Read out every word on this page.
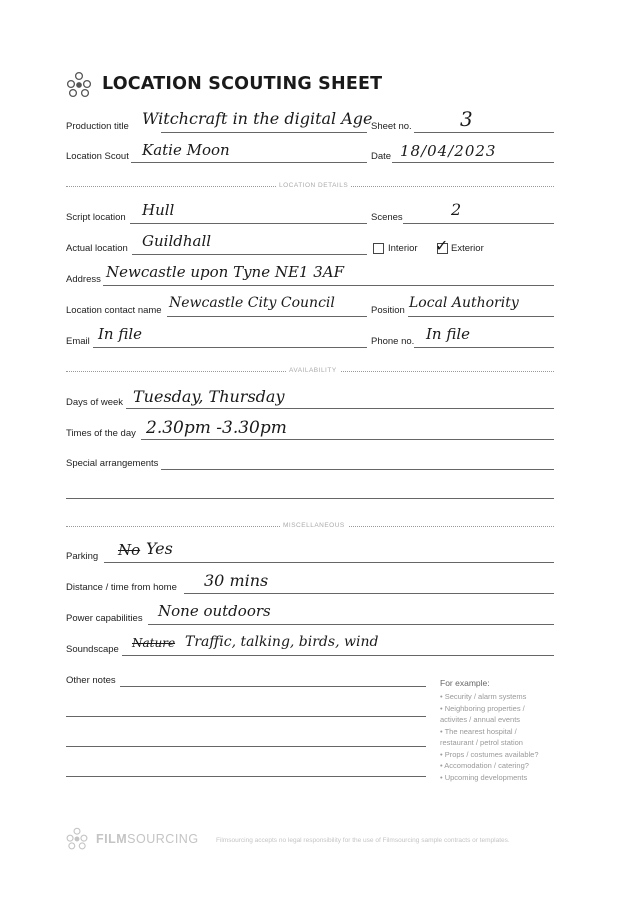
LOCATION SCOUTING SHEET
Production title Witchcraft in the digital Age
Sheet no. 3
Location Scout Katie Moon	Date 18/04/2023
LOCATION DETAILS
Script location Hull	Scenes	2
Actual location Guildhall	Interior ✓ Exterior
Address Newcastle upon Tyne NE1 3AF
Location contact name Newcastle City Council	Position Local Authority
Email In file	Phone no. In file
AVAILABILITY
Days of week Tuesday, Thursday
Times of the day 2.30pm -3.30pm
Special arrangements
MISCELLANEOUS
Parking No Yes
Distance / time from home 30 mins
Power capabilities None outdoors
Soundscape Nature Traffic, talking, birds, wind
Other notes	For example:
• Security / alarm systems
• Neighboring properties /
activites / annual events
• The nearest hospital /
restaurant / petrol station
• Props / costumes available?
• Accomodation / catering?
• Upcoming developments
FILMSOURCING	Filmsourcing accepts no legal responsibility for the use of Filmsourcing sample contracts or templates.
